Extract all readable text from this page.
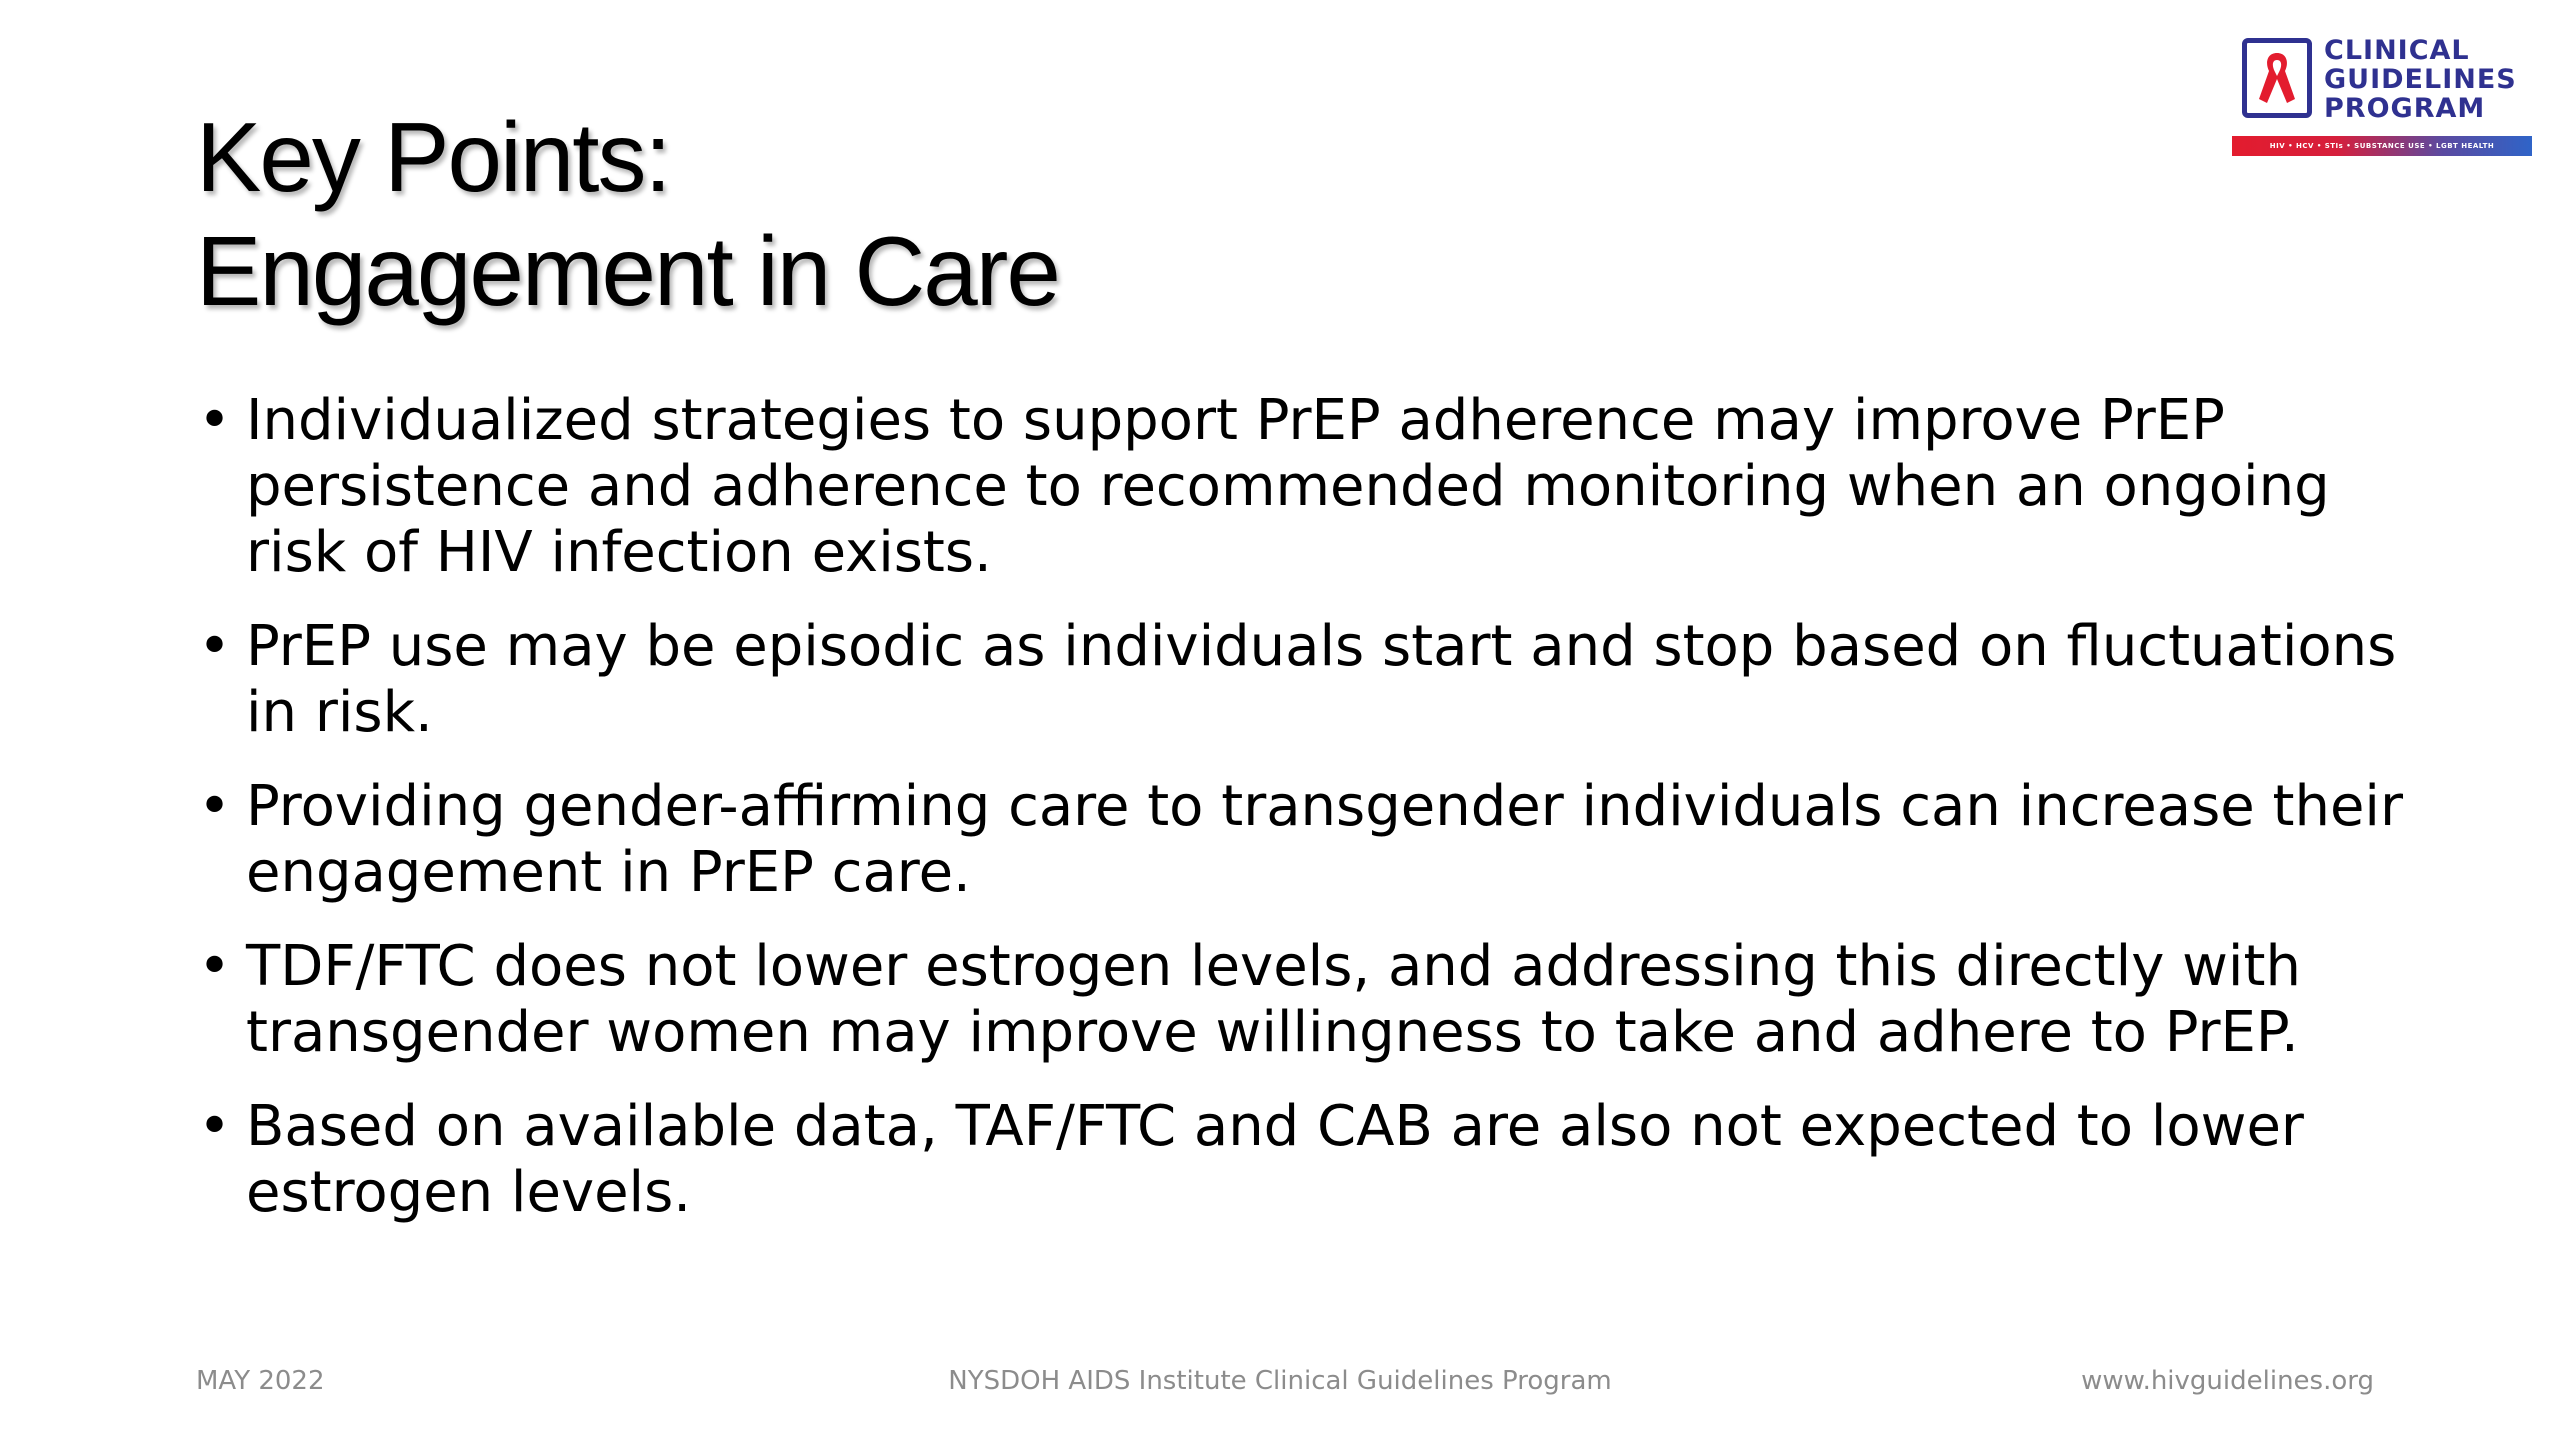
Key Points:
Engagement in Care
CLINICAL
GUIDELINES
PROGRAM
HIV • HCV • STIs • SUBSTANCE USE • LGBT HEALTH
• Individualized strategies to support PrEP adherence may improve PrEP persistence and adherence to recommended monitoring when an ongoing risk of HIV infection exists.
• PrEP use may be episodic as individuals start and stop based on fluctuations in risk.
• Providing gender-affirming care to transgender individuals can increase their engagement in PrEP care.
• TDF/FTC does not lower estrogen levels, and addressing this directly with transgender women may improve willingness to take and adhere to PrEP.
• Based on available data, TAF/FTC and CAB are also not expected to lower estrogen levels.
MAY 2022	NYSDOH AIDS Institute Clinical Guidelines Program	www.hivguidelines.org
